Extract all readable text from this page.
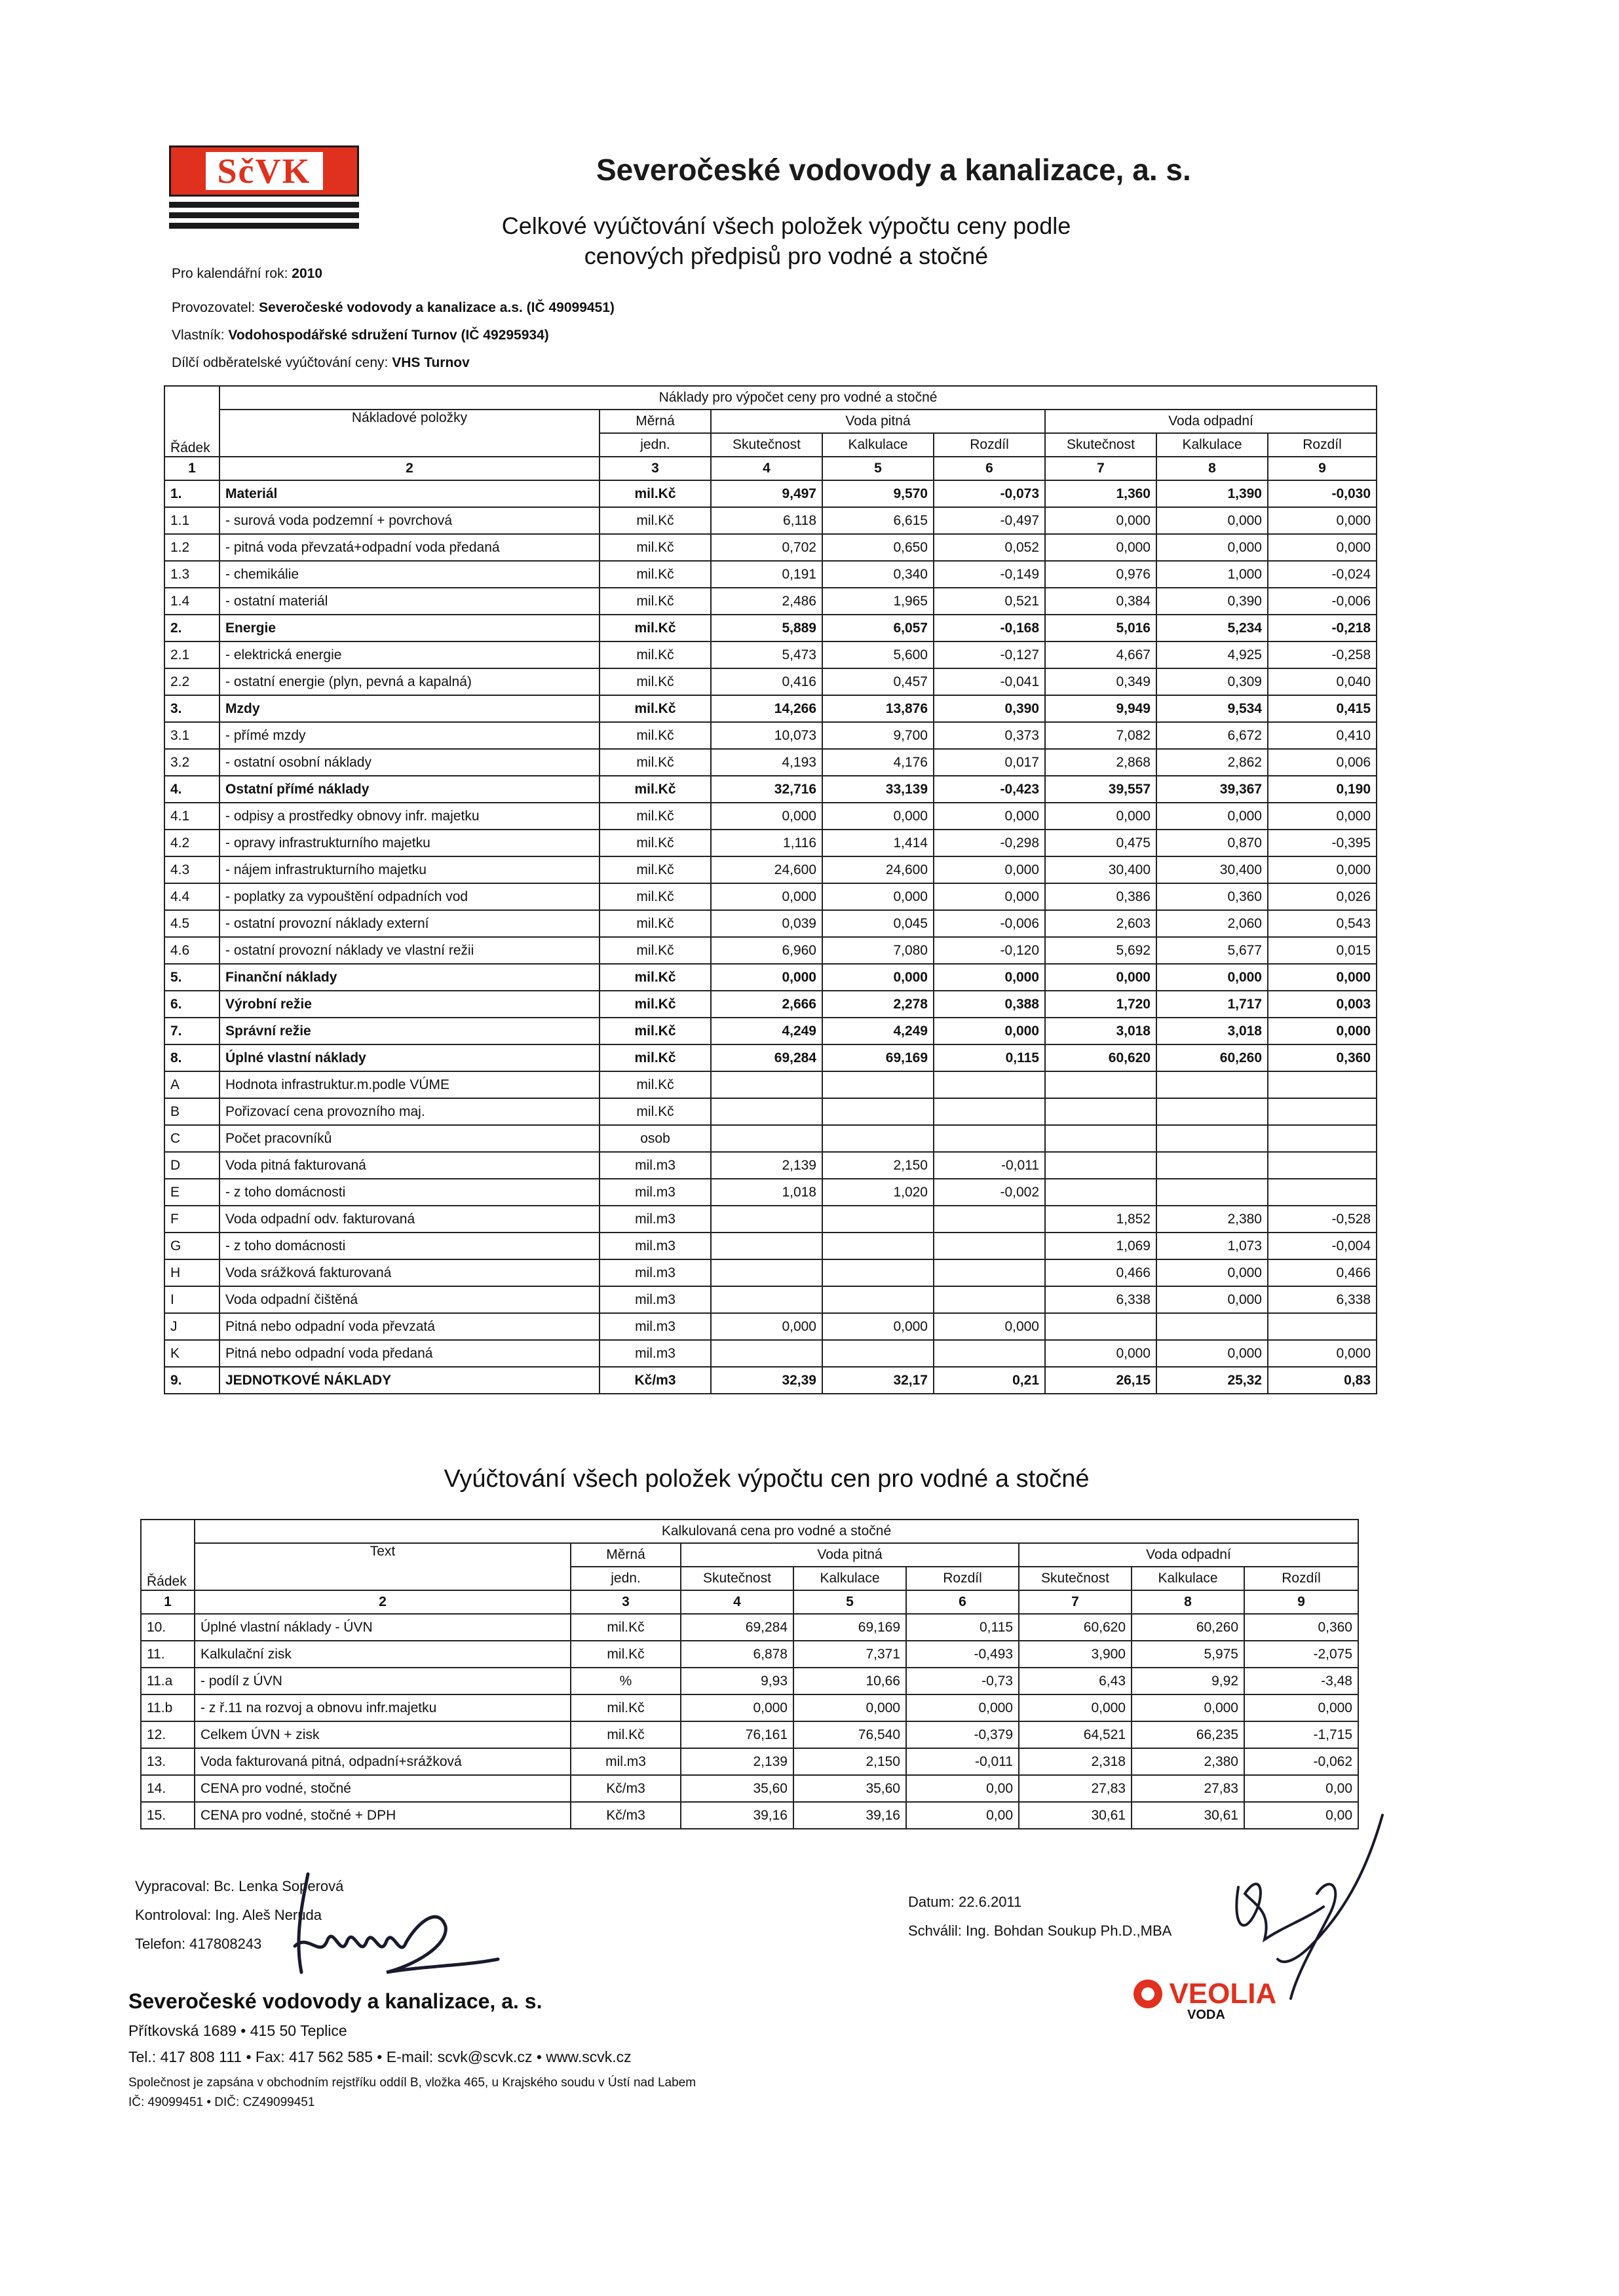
SčVK	Severočeské vodovody a kanalizace, a. s.
Celkové vyúčtování všech položek výpočtu ceny podle
cenových předpisů pro vodné a stočné
Pro kalendářní rok: 2010
Provozovatel: Severočeské vodovody a kanalizace a.s. (IČ 49099451)
Vlastník: Vodohospodářské sdružení Turnov (IČ 49295934)
Dílčí odběratelské vyúčtování ceny: VHS Turnov
Řádek	Náklady pro výpočet ceny pro vodné a stočné							
	Nákladové položky	Měrná	Voda pitná			Voda odpadní		
		jedn.	Skutečnost	Kalkulace	Rozdíl	Skutečnost	Kalkulace	Rozdíl
1	2	3	4	5	6	7	8	9
1.	Materiál	mil.Kč	9,497	9,570	-0,073	1,360	1,390	-0,030
1.1	- surová voda podzemní + povrchová	mil.Kč	6,118	6,615	-0,497	0,000	0,000	0,000
1.2	- pitná voda převzatá+odpadní voda předaná	mil.Kč	0,702	0,650	0,052	0,000	0,000	0,000
1.3	- chemikálie	mil.Kč	0,191	0,340	-0,149	0,976	1,000	-0,024
1.4	- ostatní materiál	mil.Kč	2,486	1,965	0,521	0,384	0,390	-0,006
2.	Energie	mil.Kč	5,889	6,057	-0,168	5,016	5,234	-0,218
2.1	- elektrická energie	mil.Kč	5,473	5,600	-0,127	4,667	4,925	-0,258
2.2	- ostatní energie (plyn, pevná a kapalná)	mil.Kč	0,416	0,457	-0,041	0,349	0,309	0,040
3.	Mzdy	mil.Kč	14,266	13,876	0,390	9,949	9,534	0,415
3.1	- přímé mzdy	mil.Kč	10,073	9,700	0,373	7,082	6,672	0,410
3.2	- ostatní osobní náklady	mil.Kč	4,193	4,176	0,017	2,868	2,862	0,006
4.	Ostatní přímé náklady	mil.Kč	32,716	33,139	-0,423	39,557	39,367	0,190
4.1	- odpisy a prostředky obnovy infr. majetku	mil.Kč	0,000	0,000	0,000	0,000	0,000	0,000
4.2	- opravy infrastrukturního majetku	mil.Kč	1,116	1,414	-0,298	0,475	0,870	-0,395
4.3	- nájem infrastrukturního majetku	mil.Kč	24,600	24,600	0,000	30,400	30,400	0,000
4.4	- poplatky za vypouštění odpadních vod	mil.Kč	0,000	0,000	0,000	0,386	0,360	0,026
4.5	- ostatní provozní náklady externí	mil.Kč	0,039	0,045	-0,006	2,603	2,060	0,543
4.6	- ostatní provozní náklady ve vlastní režii	mil.Kč	6,960	7,080	-0,120	5,692	5,677	0,015
5.	Finanční náklady	mil.Kč	0,000	0,000	0,000	0,000	0,000	0,000
6.	Výrobní režie	mil.Kč	2,666	2,278	0,388	1,720	1,717	0,003
7.	Správní režie	mil.Kč	4,249	4,249	0,000	3,018	3,018	0,000
8.	Úplné vlastní náklady	mil.Kč	69,284	69,169	0,115	60,620	60,260	0,360
A	Hodnota infrastruktur.m.podle VÚME	mil.Kč						
B	Pořizovací cena provozního maj.	mil.Kč						
C	Počet pracovníků	osob						
D	Voda pitná fakturovaná	mil.m3	2,139	2,150	-0,011			
E	- z toho domácnosti	mil.m3	1,018	1,020	-0,002			
F	Voda odpadní odv. fakturovaná	mil.m3				1,852	2,380	-0,528
G	- z toho domácnosti	mil.m3				1,069	1,073	-0,004
H	Voda srážková fakturovaná	mil.m3				0,466	0,000	0,466
I	Voda odpadní čištěná	mil.m3				6,338	0,000	6,338
J	Pitná nebo odpadní voda převzatá	mil.m3	0,000	0,000	0,000			
K	Pitná nebo odpadní voda předaná	mil.m3				0,000	0,000	0,000
9.	JEDNOTKOVÉ NÁKLADY	Kč/m3	32,39	32,17	0,21	26,15	25,32	0,83
Vyúčtování všech položek výpočtu cen pro vodné a stočné
Řádek	Kalkulovaná cena pro vodné a stočné							
	Text	Měrná	Voda pitná			Voda odpadní		
		jedn.	Skutečnost	Kalkulace	Rozdíl	Skutečnost	Kalkulace	Rozdíl
1	2	3	4	5	6	7	8	9
10.	Úplné vlastní náklady - ÚVN	mil.Kč	69,284	69,169	0,115	60,620	60,260	0,360
11.	Kalkulační zisk	mil.Kč	6,878	7,371	-0,493	3,900	5,975	-2,075
11.a	- podíl z ÚVN	%	9,93	10,66	-0,73	6,43	9,92	-3,48
11.b	- z ř.11 na rozvoj a obnovu infr.majetku	mil.Kč	0,000	0,000	0,000	0,000	0,000	0,000
12.	Celkem ÚVN + zisk	mil.Kč	76,161	76,540	-0,379	64,521	66,235	-1,715
13.	Voda fakturovaná pitná, odpadní+srážková	mil.m3	2,139	2,150	-0,011	2,318	2,380	-0,062
14.	CENA pro vodné, stočné	Kč/m3	35,60	35,60	0,00	27,83	27,83	0,00
15.	CENA pro vodné, stočné + DPH	Kč/m3	39,16	39,16	0,00	30,61	30,61	0,00
Vypracoval: Bc. Lenka Soperová
Kontroloval: Ing. Aleš Neruda
Telefon: 417808243
Datum: 22.6.2011
Schválil: Ing. Bohdan Soukup Ph.D.,MBA
Severočeské vodovody a kanalizace, a. s.
Přítkovská 1689 • 415 50 Teplice
Tel.: 417 808 111 • Fax: 417 562 585 • E-mail: scvk@scvk.cz • www.scvk.cz
Společnost je zapsána v obchodním rejstříku oddíl B, vložka 465, u Krajského soudu v Ústí nad Labem
IČ: 49099451 • DIČ: CZ49099451
VEOLIA
VODA
